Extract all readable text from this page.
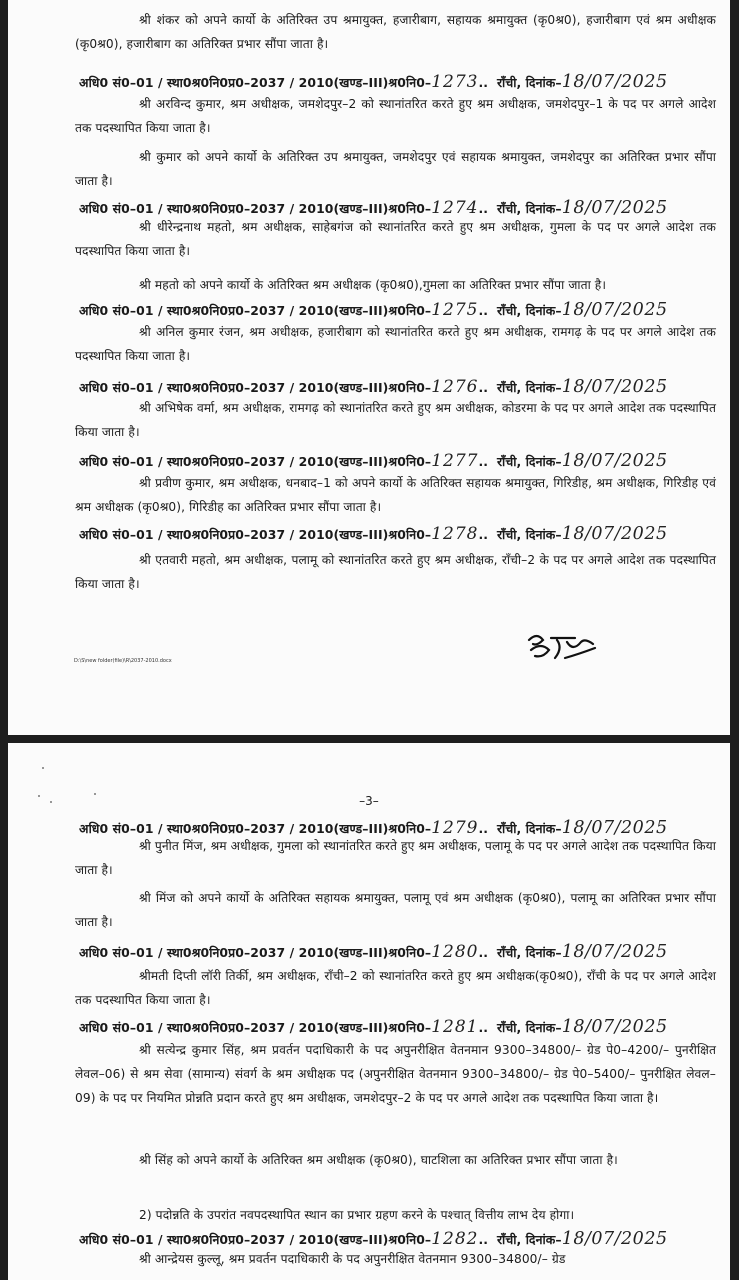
श्री शंकर को अपने कार्यो के अतिरिक्त उप श्रमायुक्त, हजारीबाग, सहायक श्रमायुक्त (कृ0श्र0), हजारीबाग एवं श्रम अधीक्षक (कृ0श्र0), हजारीबाग का अतिरिक्त प्रभार सौंपा जाता है।
अधि0 सं0–01 / स्था0श्र0नि0प्र0–2037 / 2010(खण्ड–III)श्र0नि0–1273..  राँची, दिनांक–18/07/2025
श्री अरविन्द कुमार, श्रम अधीक्षक, जमशेदपुर–2 को स्थानांतरित करते हुए श्रम अधीक्षक, जमशेदपुर–1 के पद पर अगले आदेश तक पदस्थापित किया जाता है।
श्री कुमार को अपने कार्यो के अतिरिक्त उप श्रमायुक्त, जमशेदपुर एवं सहायक श्रमायुक्त, जमशेदपुर का अतिरिक्त प्रभार सौंपा जाता है।
अधि0 सं0–01 / स्था0श्र0नि0प्र0–2037 / 2010(खण्ड–III)श्र0नि0–1274..  राँची, दिनांक–18/07/2025
श्री धीरेन्द्रनाथ महतो, श्रम अधीक्षक, साहेबगंज को स्थानांतरित करते हुए श्रम अधीक्षक, गुमला के पद पर अगले आदेश तक पदस्थापित किया जाता है।
श्री महतो को अपने कार्यो के अतिरिक्त श्रम अधीक्षक (कृ0श्र0),गुमला का अतिरिक्त प्रभार सौंपा जाता है।
अधि0 सं0–01 / स्था0श्र0नि0प्र0–2037 / 2010(खण्ड–III)श्र0नि0–1275..  राँची, दिनांक–18/07/2025
श्री अनिल कुमार रंजन, श्रम अधीक्षक, हजारीबाग को स्थानांतरित करते हुए श्रम अधीक्षक, रामगढ़ के पद पर अगले आदेश तक पदस्थापित किया जाता है।
अधि0 सं0–01 / स्था0श्र0नि0प्र0–2037 / 2010(खण्ड–III)श्र0नि0–1276..  राँची, दिनांक–18/07/2025
श्री अभिषेक वर्मा, श्रम अधीक्षक, रामगढ़ को स्थानांतरित करते हुए श्रम अधीक्षक, कोडरमा के पद पर अगले आदेश तक पदस्थापित किया जाता है।
अधि0 सं0–01 / स्था0श्र0नि0प्र0–2037 / 2010(खण्ड–III)श्र0नि0–1277..  राँची, दिनांक–18/07/2025
श्री प्रवीण कुमार, श्रम अधीक्षक, धनबाद–1 को अपने कार्यो के अतिरिक्त सहायक श्रमायुक्त, गिरिडीह, श्रम अधीक्षक, गिरिडीह एवं श्रम अधीक्षक (कृ0श्र0), गिरिडीह का अतिरिक्त प्रभार सौंपा जाता है।
अधि0 सं0–01 / स्था0श्र0नि0प्र0–2037 / 2010(खण्ड–III)श्र0नि0–1278..  राँची, दिनांक–18/07/2025
श्री एतवारी महतो, श्रम अधीक्षक, पलामू को स्थानांतरित करते हुए श्रम अधीक्षक, राँची–2 के पद पर अगले आदेश तक पदस्थापित किया जाता है।
D:\S\new folder(file)\R\2037-2010.docx
–3–
अधि0 सं0–01 / स्था0श्र0नि0प्र0–2037 / 2010(खण्ड–III)श्र0नि0–1279..  राँची, दिनांक–18/07/2025
श्री पुनीत मिंज, श्रम अधीक्षक, गुमला को स्थानांतरित करते हुए श्रम अधीक्षक, पलामू के पद पर अगले आदेश तक पदस्थापित किया जाता है।
श्री मिंज को अपने कार्यो के अतिरिक्त सहायक श्रमायुक्त, पलामू एवं श्रम अधीक्षक (कृ0श्र0), पलामू का अतिरिक्त प्रभार सौंपा जाता है।
अधि0 सं0–01 / स्था0श्र0नि0प्र0–2037 / 2010(खण्ड–III)श्र0नि0–1280..  राँची, दिनांक–18/07/2025
श्रीमती दिप्ती लॉरी तिर्की, श्रम अधीक्षक, राँची–2 को स्थानांतरित करते हुए श्रम अधीक्षक(कृ0श्र0), राँची के पद पर अगले आदेश तक पदस्थापित किया जाता है।
अधि0 सं0–01 / स्था0श्र0नि0प्र0–2037 / 2010(खण्ड–III)श्र0नि0–1281..  राँची, दिनांक–18/07/2025
श्री सत्येन्द्र कुमार सिंह, श्रम प्रवर्तन पदाधिकारी के पद अपुनरीक्षित वेतनमान 9300–34800/– ग्रेड पे0–4200/– पुनरीक्षित लेवल–06) से श्रम सेवा (सामान्य) संवर्ग के श्रम अधीक्षक पद (अपुनरीक्षित वेतनमान 9300–34800/– ग्रेड पे0–5400/– पुनरीक्षित लेवल–09) के पद पर नियमित प्रोन्नति प्रदान करते हुए श्रम अधीक्षक, जमशेदपुर–2 के पद पर अगले आदेश तक पदस्थापित किया जाता है।
श्री सिंह को अपने कार्यो के अतिरिक्त श्रम अधीक्षक (कृ0श्र0), घाटशिला का अतिरिक्त प्रभार सौंपा जाता है।
2) पदोन्नति के उपरांत नवपदस्थापित स्थान का प्रभार ग्रहण करने के पश्चात् वित्तीय लाभ देय होगा।
अधि0 सं0–01 / स्था0श्र0नि0प्र0–2037 / 2010(खण्ड–III)श्र0नि0–1282..  राँची, दिनांक–18/07/2025
श्री आन्द्रेयस कुल्लू, श्रम प्रवर्तन पदाधिकारी के पद अपुनरीक्षित वेतनमान 9300–34800/– ग्रेड
